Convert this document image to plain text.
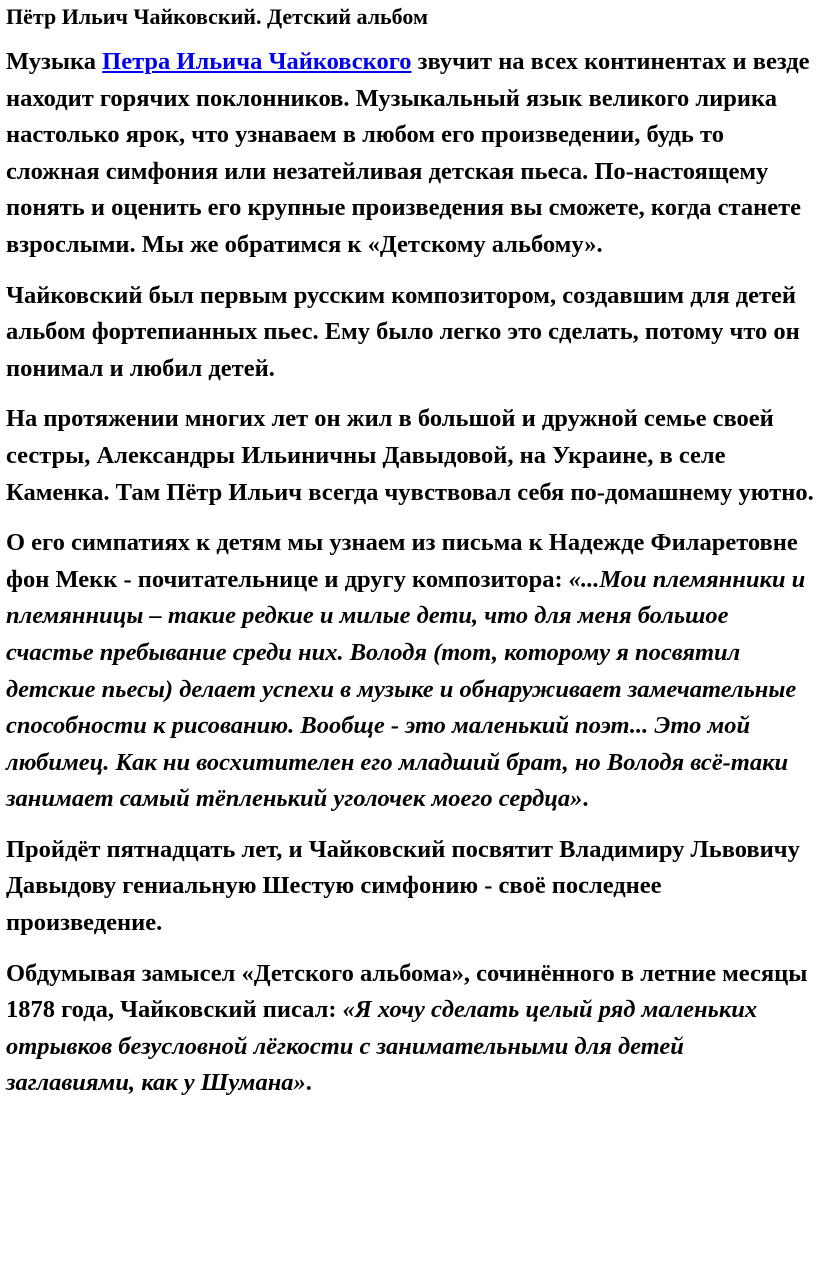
Пётр Ильич Чайковский. Детский альбом

Музыка Петра Ильича Чайковского звучит на всех континентах и везде находит горячих поклонников. Музыкальный язык великого лирика настолько ярок, что узнаваем в любом его произведении, будь то сложная симфония или незатейливая детская пьеса. По-настоящему понять и оценить его крупные произведения вы сможете, когда станете взрослыми. Мы же обратимся к «Детскому альбому».

Чайковский был первым русским композитором, создавшим для детей альбом фортепианных пьес. Ему было легко это сделать, потому что он понимал и любил детей.

На протяжении многих лет он жил в большой и дружной семье своей сестры, Александры Ильиничны Давыдовой, на Украине, в селе Каменка. Там Пётр Ильич всегда чувствовал себя по-домашнему уютно.

О его симпатиях к детям мы узнаем из письма к Надежде Филаретовне фон Мекк - почитательнице и другу композитора: «...Мои племянники и племянницы – такие редкие и милые дети, что для меня большое счастье пребывание среди них. Володя (тот, которому я посвятил детские пьесы) делает успехи в музыке и обнаруживает замечательные способности к рисованию. Вообще - это маленький поэт... Это мой любимец. Как ни восхитителен его младший брат, но Володя всё-таки занимает самый тёпленький уголочек моего сердца».

Пройдёт пятнадцать лет, и Чайковский посвятит Владимиру Львовичу Давыдову гениальную Шестую симфонию - своё последнее произведение.

Обдумывая замысел «Детского альбома», сочинённого в летние месяцы 1878 года, Чайковский писал: «Я хочу сделать целый ряд маленьких отрывков безусловной лёгкости с занимательными для детей заглавиями, как у Шумана».
